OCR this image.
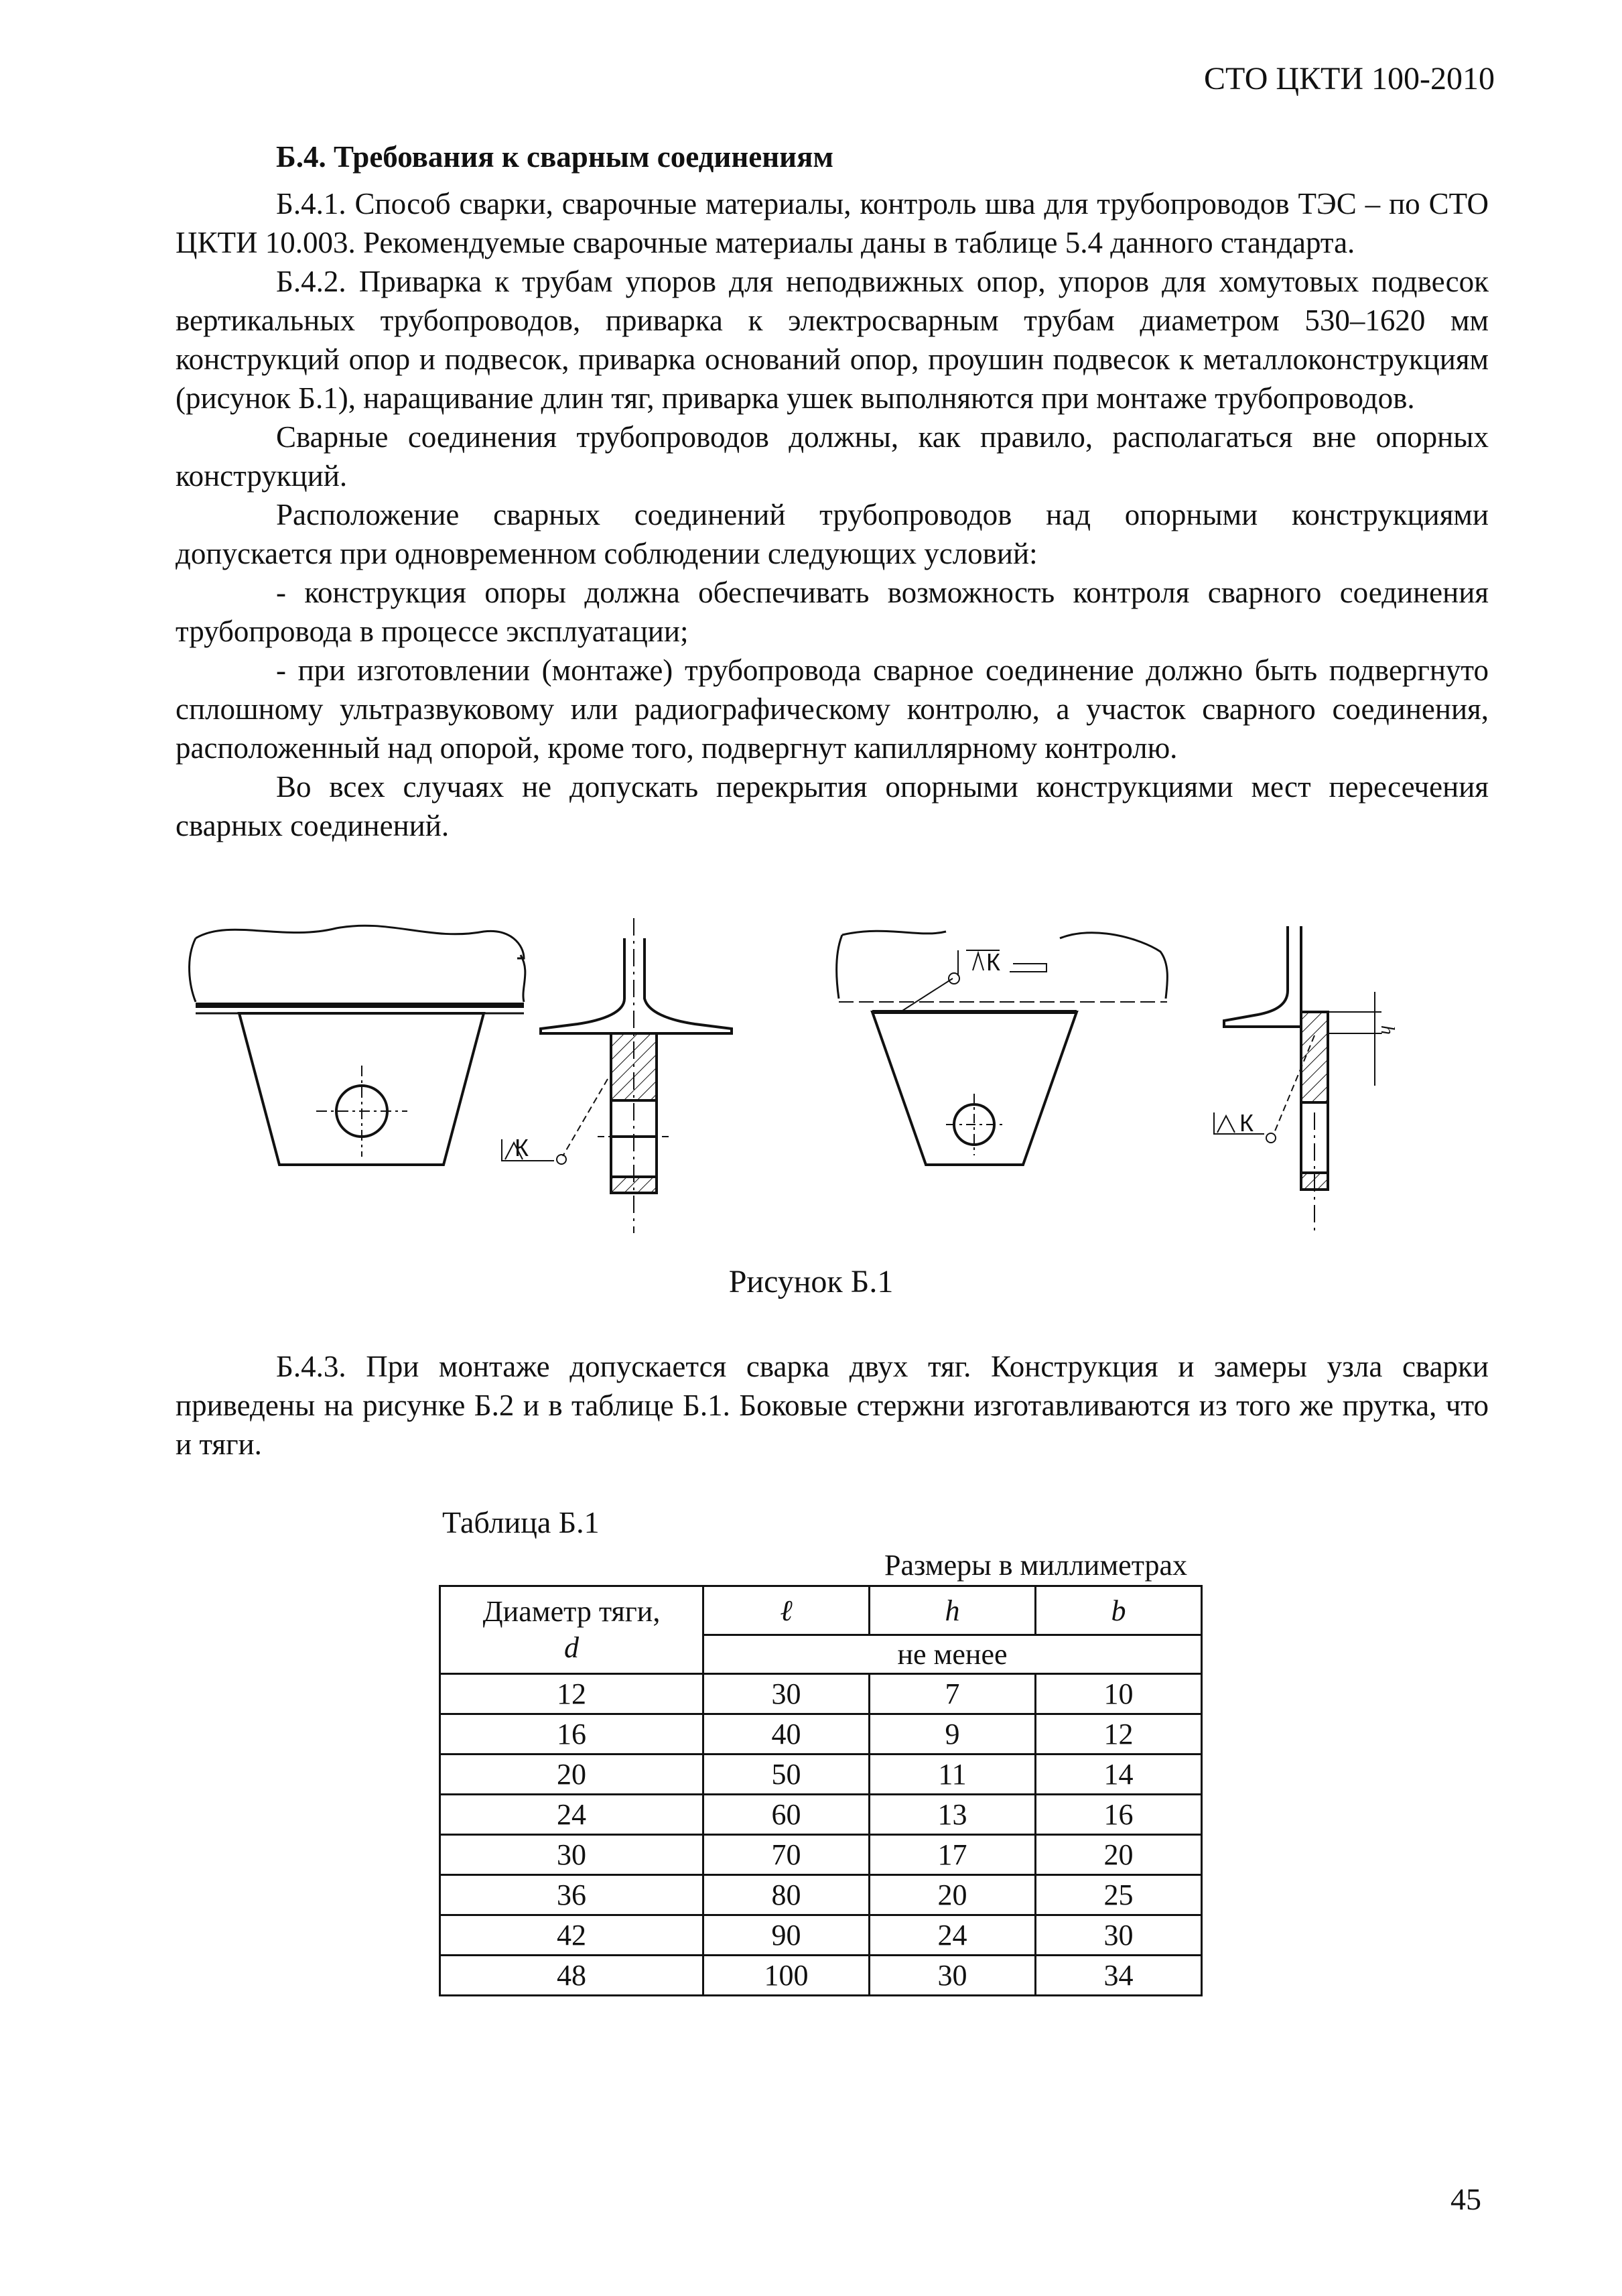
СТО ЦКТИ 100-2010

Б.4. Требования к сварным соединениям

Б.4.1. Способ сварки, сварочные материалы, контроль шва для трубопроводов ТЭС – по СТО ЦКТИ 10.003. Рекомендуемые сварочные материалы даны в таблице 5.4 данного стандарта.

Б.4.2. Приварка к трубам упоров для неподвижных опор, упоров для хомутовых подвесок вертикальных трубопроводов, приварка к электросварным трубам диаметром 530–1620 мм конструкций опор и подвесок, приварка оснований опор, проушин подвесок к металлоконструкциям (рисунок Б.1), наращивание длин тяг, приварка ушек выполняются при монтаже трубопроводов.

Сварные соединения трубопроводов должны, как правило, располагаться вне опорных конструкций.

Расположение сварных соединений трубопроводов над опорными конструкциями допускается при одновременном соблюдении следующих условий:

- конструкция опоры должна обеспечивать возможность контроля сварного соединения трубопровода в процессе эксплуатации;

- при изготовлении (монтаже) трубопровода сварное соединение должно быть подвергнуто сплошному ультразвуковому или радиографическому контролю, а участок сварного соединения, расположенный над опорой, кроме того, подвергнут капиллярному контролю.

Во всех случаях не допускать перекрытия опорными конструкциями мест пересечения сварных соединений.

h
К
К
К
Рисунок Б.1

Б.4.3. При монтаже допускается сварка двух тяг. Конструкция и замеры узла сварки приведены на рисунке Б.2 и в таблице Б.1. Боковые стержни изготавливаются из того же прутка, что и тяги.

Таблица Б.1
Размеры в миллиметрах
Диаметр тяги,
d	ℓ	h	b
	не менее		
12	30	7	10
16	40	9	12
20	50	11	14
24	60	13	16
30	70	17	20
36	80	20	25
42	90	24	30
48	100	30	34
45
